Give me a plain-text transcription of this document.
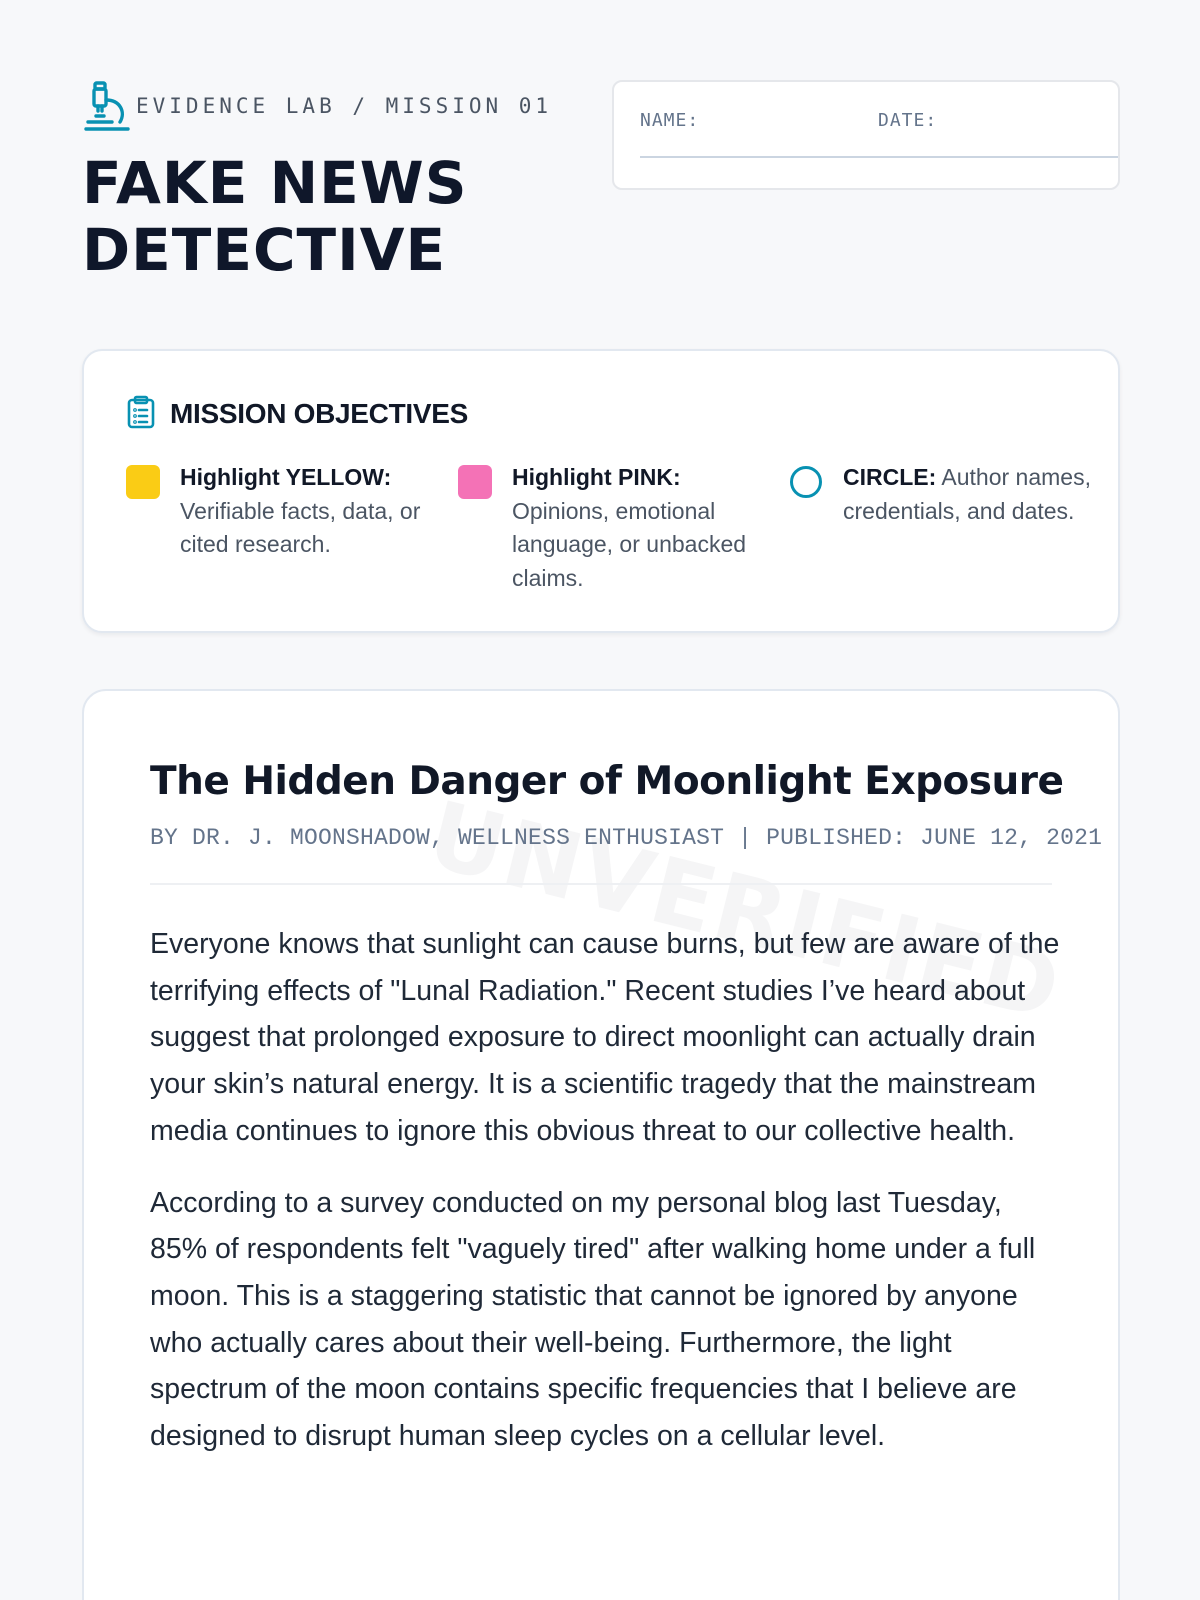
EVIDENCE LAB / MISSION 01
FAKE NEWS DETECTIVE
NAME:	DATE:
MISSION OBJECTIVES
Highlight YELLOW:
Verifiable facts, data, or cited research.
Highlight PINK:
Opinions, emotional language, or unbacked claims.
CIRCLE: Author names, credentials, and dates.
The Hidden Danger of Moonlight Exposure
BY DR. J. MOONSHADOW, WELLNESS ENTHUSIAST | PUBLISHED: JUNE 12, 2021

Everyone knows that sunlight can cause burns, but few are aware of the terrifying effects of "Lunal Radiation." Recent studies I’ve heard about suggest that prolonged exposure to direct moonlight can actually drain your skin’s natural energy. It is a scientific tragedy that the mainstream media continues to ignore this obvious threat to our collective health.

According to a survey conducted on my personal blog last Tuesday, 85% of respondents felt "vaguely tired" after walking home under a full moon. This is a staggering statistic that cannot be ignored by anyone who actually cares about their well-being. Furthermore, the light spectrum of the moon contains specific frequencies that I believe are designed to disrupt human sleep cycles on a cellular level.
